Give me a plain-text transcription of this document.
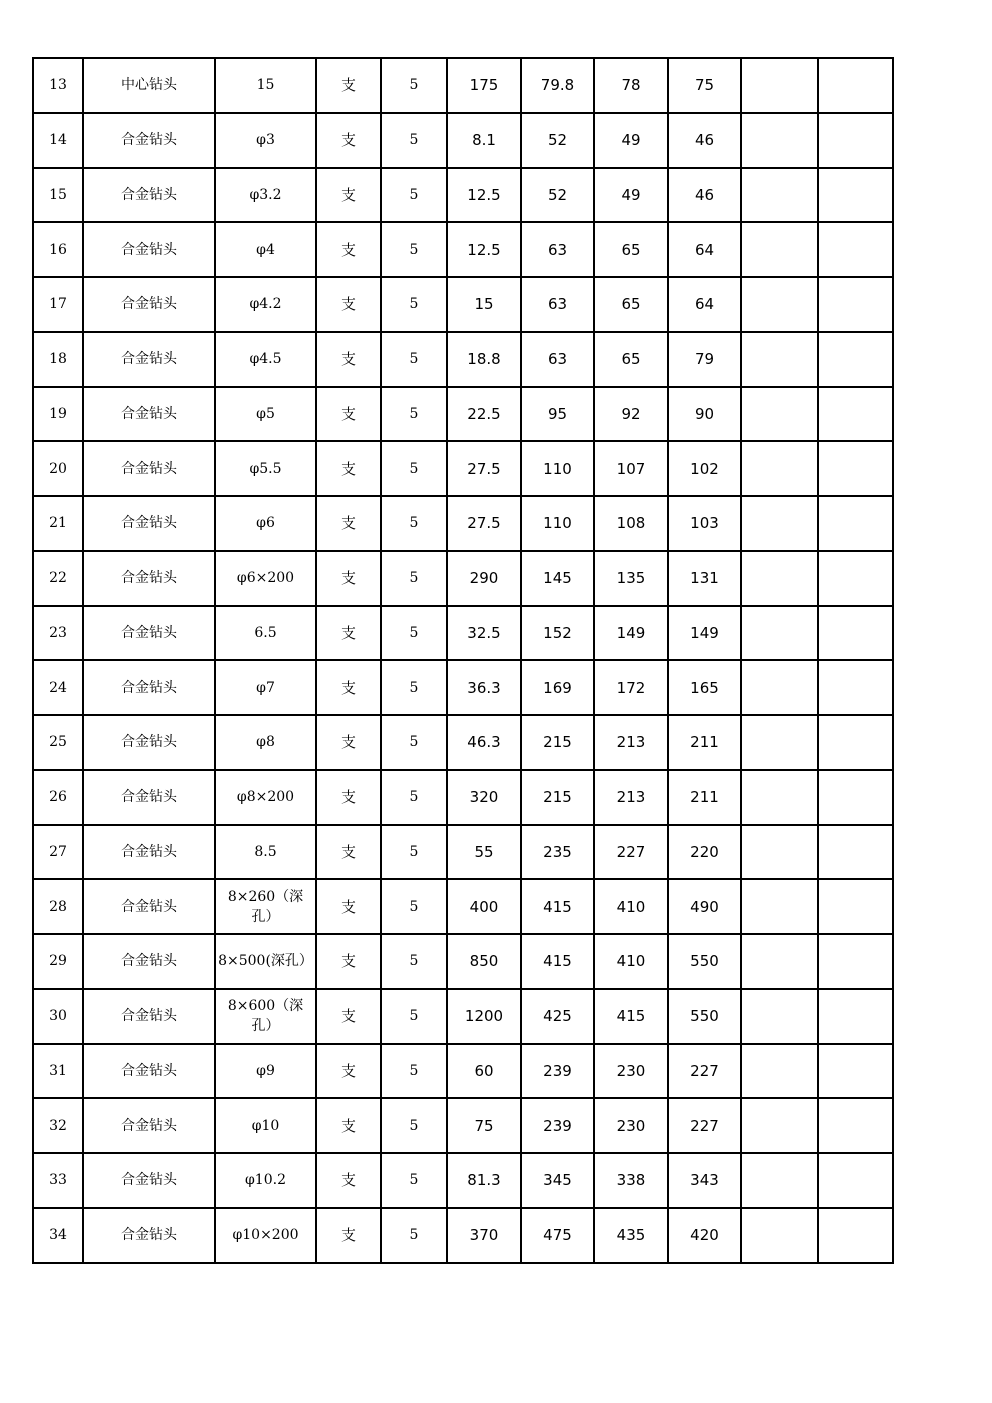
13	中心钻头	15	支	5	175	79.8	78	75		
14	合金钻头	φ3	支	5	8.1	52	49	46		
15	合金钻头	φ3.2	支	5	12.5	52	49	46		
16	合金钻头	φ4	支	5	12.5	63	65	64		
17	合金钻头	φ4.2	支	5	15	63	65	64		
18	合金钻头	φ4.5	支	5	18.8	63	65	79		
19	合金钻头	φ5	支	5	22.5	95	92	90		
20	合金钻头	φ5.5	支	5	27.5	110	107	102		
21	合金钻头	φ6	支	5	27.5	110	108	103		
22	合金钻头	φ6×200	支	5	290	145	135	131		
23	合金钻头	6.5	支	5	32.5	152	149	149		
24	合金钻头	φ7	支	5	36.3	169	172	165		
25	合金钻头	φ8	支	5	46.3	215	213	211		
26	合金钻头	φ8×200	支	5	320	215	213	211		
27	合金钻头	8.5	支	5	55	235	227	220		
28	合金钻头	8×260（深孔）	支	5	400	415	410	490		
29	合金钻头	8×500(深孔）	支	5	850	415	410	550		
30	合金钻头	8×600（深孔）	支	5	1200	425	415	550		
31	合金钻头	φ9	支	5	60	239	230	227		
32	合金钻头	φ10	支	5	75	239	230	227		
33	合金钻头	φ10.2	支	5	81.3	345	338	343		
34	合金钻头	φ10×200	支	5	370	475	435	420		
